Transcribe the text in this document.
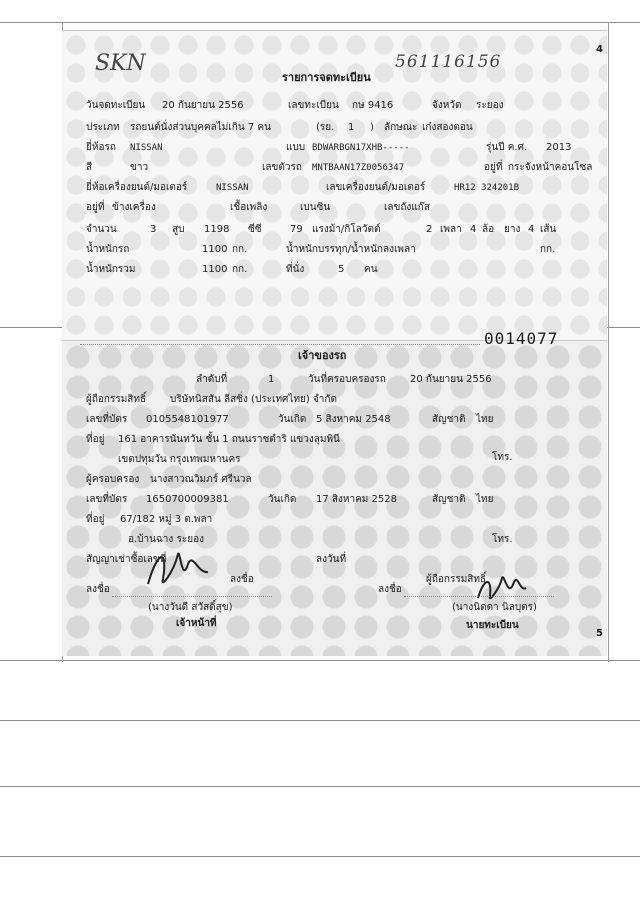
4
5
SKN	561116156
รายการจดทะเบียน
วันจดทะเบียน 20 กันยายน 2556	เลขทะเบียน กษ 9416	จังหวัด ระยอง
ประเภท รถยนต์นั่งส่วนบุคคลไม่เกิน 7 คน	(รย. 1 ) ลักษณะ เก๋งสองตอน
ยี่ห้อรถ NISSAN	แบบ BDWARBGN17XHB-----	รุ่นปี ค.ศ. 2013
สี	ขาว	เลขตัวรถ MNTBAAN17Z0056347	อยู่ที่ กระจังหน้าคอนโซล
ยี่ห้อเครื่องยนต์/มอเตอร์	NISSAN	เลขเครื่องยนต์/มอเตอร์	HR12 324201B
อยู่ที่ ข้างเครื่อง	เชื้อเพลิง	เบนซิน	เลขถังแก๊ส
จำนวน	3 สูบ 1198 ซีซี	79 แรงม้า/กิโลวัตต์	2 เพลา 4 ล้อ ยาง 4 เส้น
น้ำหนักรถ	1100 กก.	น้ำหนักบรรทุก/น้ำหนักลงเพลา	กก.
น้ำหนักรวม	1100 กก.	ที่นั่ง	5 คน
0014077
เจ้าของรถ
ลำดับที่	1	วันที่ครอบครองรถ 20 กันยายน 2556
ผู้ถือกรรมสิทธิ์ บริษัทนิสสัน ลีสซิ่ง (ประเทศไทย) จำกัด
เลขที่บัตร 0105548101977	วันเกิด 5 สิงหาคม 2548	สัญชาติ ไทย
ที่อยู่ 161 อาคารนันทวัน ชั้น 1 ถนนราชดำริ แขวงลุมพินี
เขตปทุมวัน กรุงเทพมหานคร	โทร.
ผู้ครอบครอง นางสาวณวิมภร์ ศรีนวล
เลขที่บัตร 1650700009381	วันเกิด 17 สิงหาคม 2528	สัญชาติ ไทย
ที่อยู่ 67/182 หมู่ 3 ต.พลา
อ.บ้านฉาง ระยอง	โทร.
สัญญาเช่าซื้อเลขที่	ลงวันที่
ลงชื่อ	ผู้ถือกรรมสิทธิ์
ลงชื่อ	ลงชื่อ
(นางวันดี สวัสดิ์สุข)	(นางนิดดา นิลบุตร)
เจ้าหน้าที่	นายทะเบียน
